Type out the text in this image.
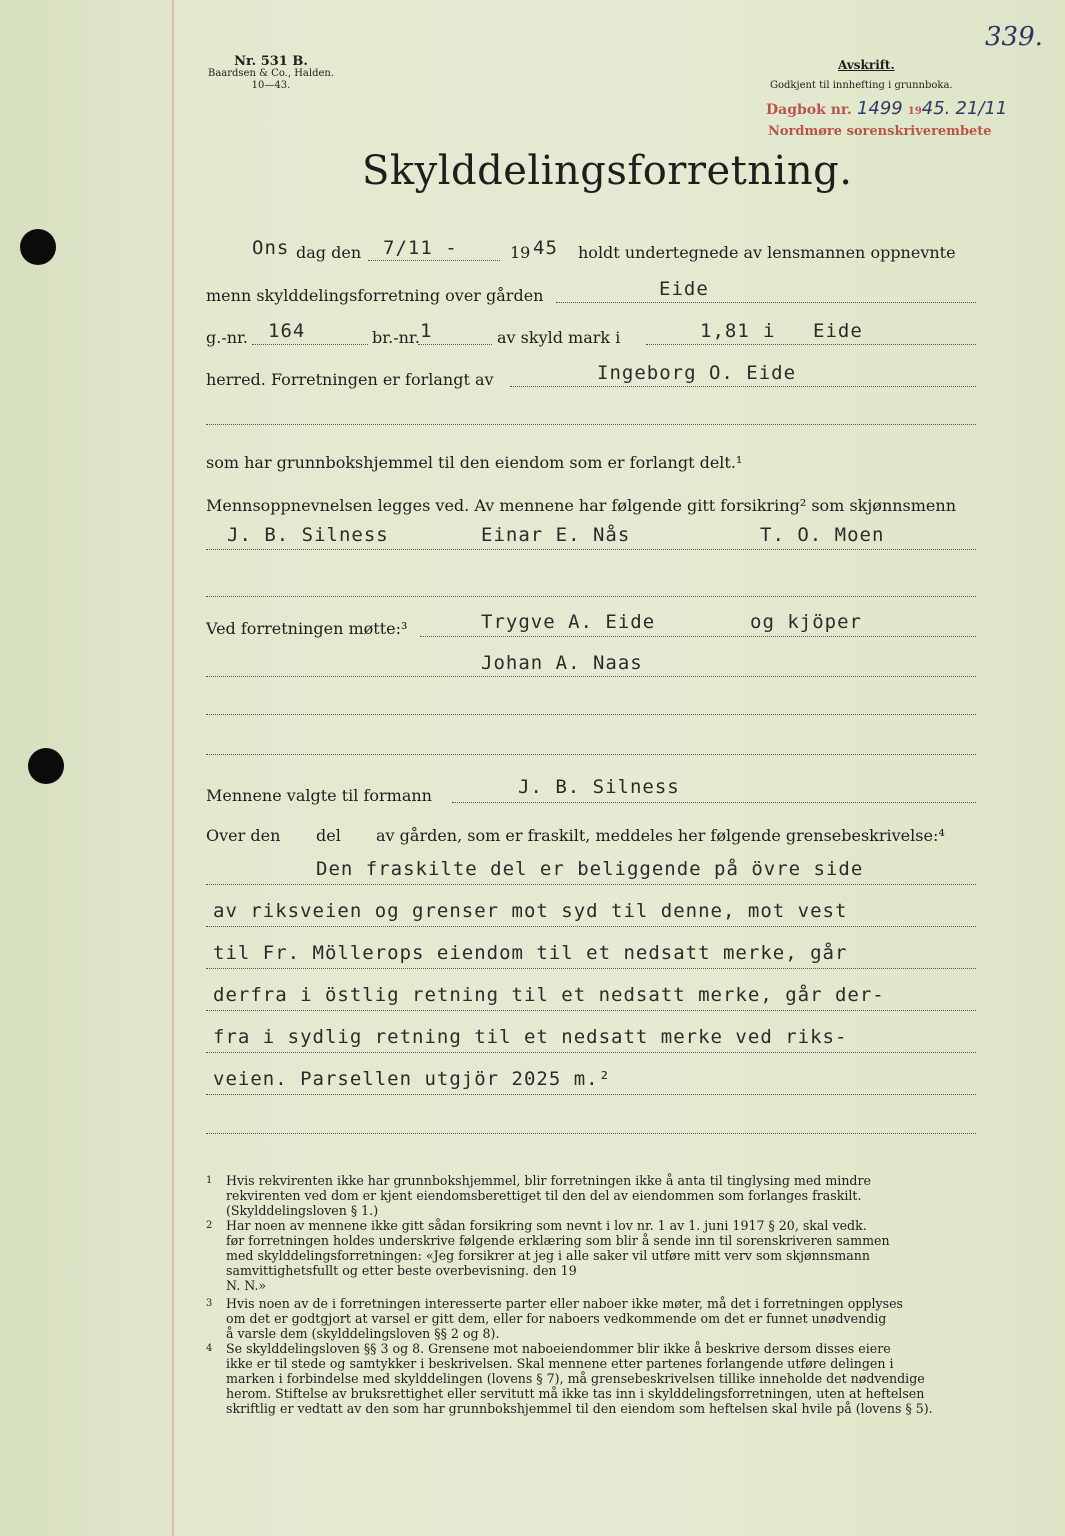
339.
Nr. 531 B.
Baardsen & Co., Halden.
10—43.
Avskrift.
Godkjent til innhefting i grunnboka.
Dagbok nr. 1499 1945. 21/11
Nordmøre sorenskriverembete
Skylddelingsforretning.
Ons dag den 7/11 -	19 45 holdt undertegnede av lensmannen oppnevnte
menn skylddelingsforretning over gården	Eide
g.-nr. 164	br.-nr. 1	av skyld mark i	1,81 i Eide
herred. Forretningen er forlangt av	Ingeborg O. Eide
som har grunnbokshjemmel til den eiendom som er forlangt delt.¹
Mennsoppnevnelsen legges ved. Av mennene har følgende gitt forsikring² som skjønnsmenn
J. B. Silness	Einar E. Nås	T. O. Moen
Ved forretningen møtte:³	Trygve A. Eide	og kjöper
Johan A. Naas
Mennene valgte til formann	J. B. Silness
Over den del av gården, som er fraskilt, meddeles her følgende grensebeskrivelse:⁴
Den fraskilte del er beliggende på övre side
av riksveien og grenser mot syd til denne, mot vest
til Fr. Möllerops eiendom til et nedsatt merke, går
derfra i östlig retning til et nedsatt merke, går der-
fra i sydlig retning til et nedsatt merke ved riks-
veien. Parsellen utgjör 2025 m.²
1 Hvis rekvirenten ikke har grunnbokshjemmel, blir forretningen ikke å anta til tinglysing med mindre
rekvirenten ved dom er kjent eiendomsberettiget til den del av eiendommen som forlanges fraskilt.
(Skylddelingsloven § 1.)
2 Har noen av mennene ikke gitt sådan forsikring som nevnt i lov nr. 1 av 1. juni 1917 § 20, skal vedk.
før forretningen holdes underskrive følgende erklæring som blir å sende inn til sorenskriveren sammen
med skylddelingsforretningen: «Jeg forsikrer at jeg i alle saker vil utføre mitt verv som skjønnsmann
samvittighetsfullt og etter beste overbevisning. den 19
N. N.»
3 Hvis noen av de i forretningen interesserte parter eller naboer ikke møter, må det i forretningen opplyses
om det er godtgjort at varsel er gitt dem, eller for naboers vedkommende om det er funnet unødvendig
å varsle dem (skylddelingsloven §§ 2 og 8).
4 Se skylddelingsloven §§ 3 og 8. Grensene mot naboeiendommer blir ikke å beskrive dersom disses eiere
ikke er til stede og samtykker i beskrivelsen. Skal mennene etter partenes forlangende utføre delingen i
marken i forbindelse med skylddelingen (lovens § 7), må grensebeskrivelsen tillike inneholde det nødvendige
herom. Stiftelse av bruksrettighet eller servitutt må ikke tas inn i skylddelingsforretningen, uten at heftelsen
skriftlig er vedtatt av den som har grunnbokshjemmel til den eiendom som heftelsen skal hvile på (lovens § 5).
